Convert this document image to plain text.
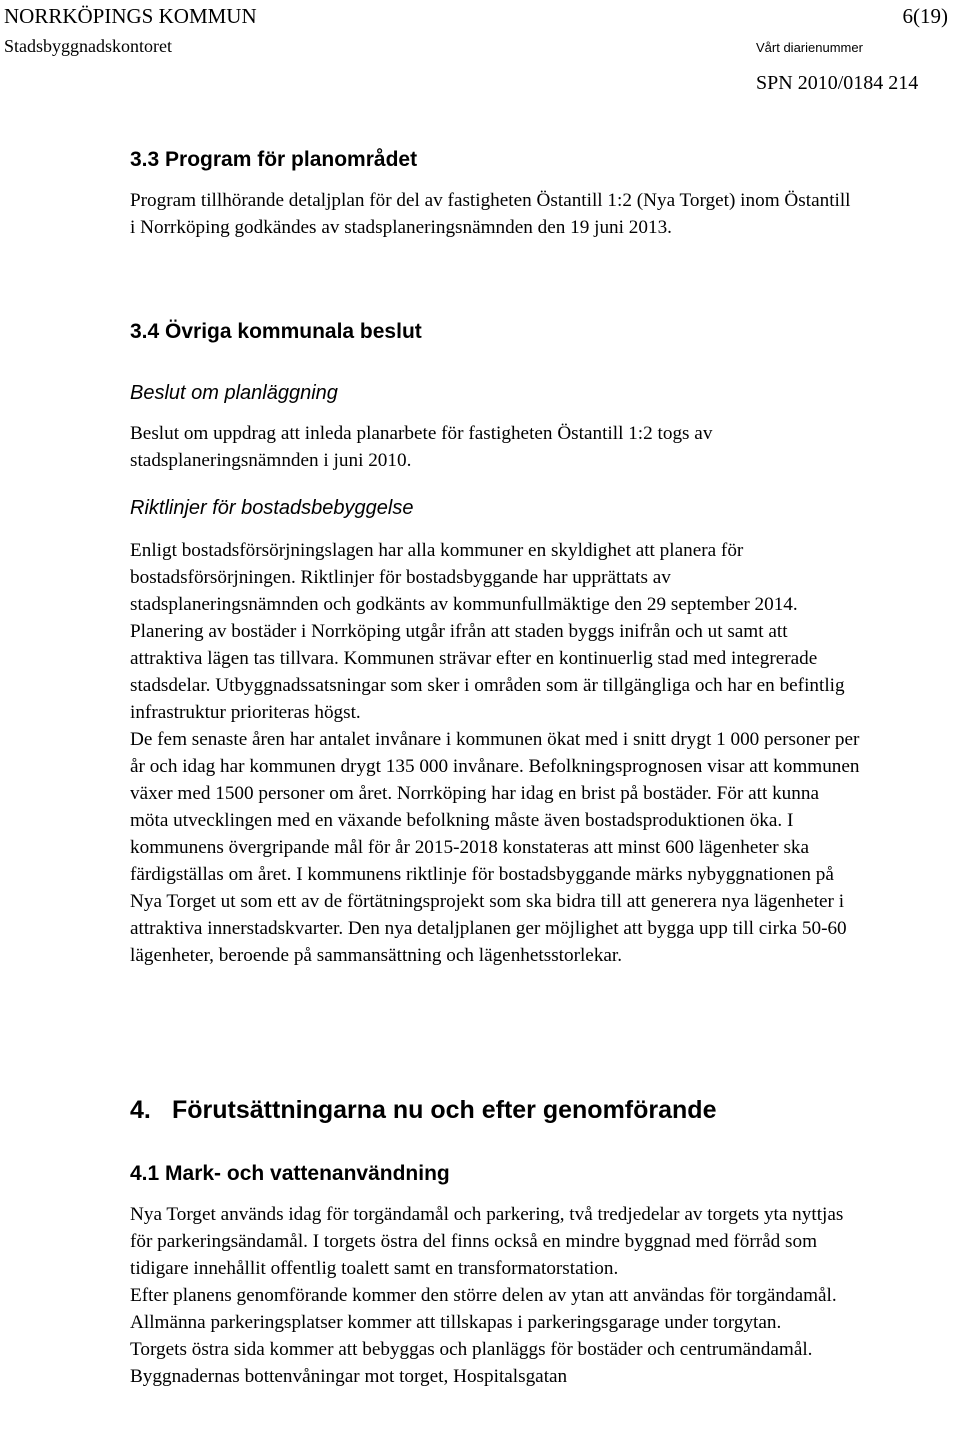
NORRKÖPINGS KOMMUN	6(19)
Stadsbyggnadskontoret	Vårt diarienummer
SPN 2010/0184 214
3.3 Program för planområdet

Program tillhörande detaljplan för del av fastigheten Östantill 1:2 (Nya Torget) inom Östantill i Norrköping godkändes av stadsplaneringsnämnden den 19 juni 2013.

3.4 Övriga kommunala beslut
Beslut om planläggning

Beslut om uppdrag att inleda planarbete för fastigheten Östantill 1:2 togs av stadsplaneringsnämnden i juni 2010.

Riktlinjer för bostadsbebyggelse

Enligt bostadsförsörjningslagen har alla kommuner en skyldighet att planera för bostadsförsörjningen. Riktlinjer för bostadsbyggande har upprättats av stadsplaneringsnämnden och godkänts av kommunfullmäktige den 29 september 2014. Planering av bostäder i Norrköping utgår ifrån att staden byggs inifrån och ut samt att attraktiva lägen tas tillvara. Kommunen strävar efter en kontinuerlig stad med integrerade stadsdelar. Utbyggnadssatsningar som sker i områden som är tillgängliga och har en befintlig infrastruktur prioriteras högst.

De fem senaste åren har antalet invånare i kommunen ökat med i snitt drygt 1 000 personer per år och idag har kommunen drygt 135 000 invånare. Befolkningsprognosen visar att kommunen växer med 1500 personer om året. Norrköping har idag en brist på bostäder. För att kunna möta utvecklingen med en växande befolkning måste även bostadsproduktionen öka. I kommunens övergripande mål för år 2015-2018 konstateras att minst 600 lägenheter ska färdigställas om året. I kommunens riktlinje för bostadsbyggande märks nybyggnationen på Nya Torget ut som ett av de förtätningsprojekt som ska bidra till att generera nya lägenheter i attraktiva innerstadskvarter. Den nya detaljplanen ger möjlighet att bygga upp till cirka 50-60 lägenheter, beroende på sammansättning och lägenhetsstorlekar.

4. Förutsättningarna nu och efter genomförande
4.1 Mark- och vattenanvändning

Nya Torget används idag för torgändamål och parkering, två tredjedelar av torgets yta nyttjas för parkeringsändamål. I torgets östra del finns också en mindre byggnad med förråd som tidigare innehållit offentlig toalett samt en transformatorstation.

Efter planens genomförande kommer den större delen av ytan att användas för torgändamål. Allmänna parkeringsplatser kommer att tillskapas i parkeringsgarage under torgytan.

Torgets östra sida kommer att bebyggas och planläggs för bostäder och centrumändamål. Byggnadernas bottenvåningar mot torget, Hospitalsgatan
